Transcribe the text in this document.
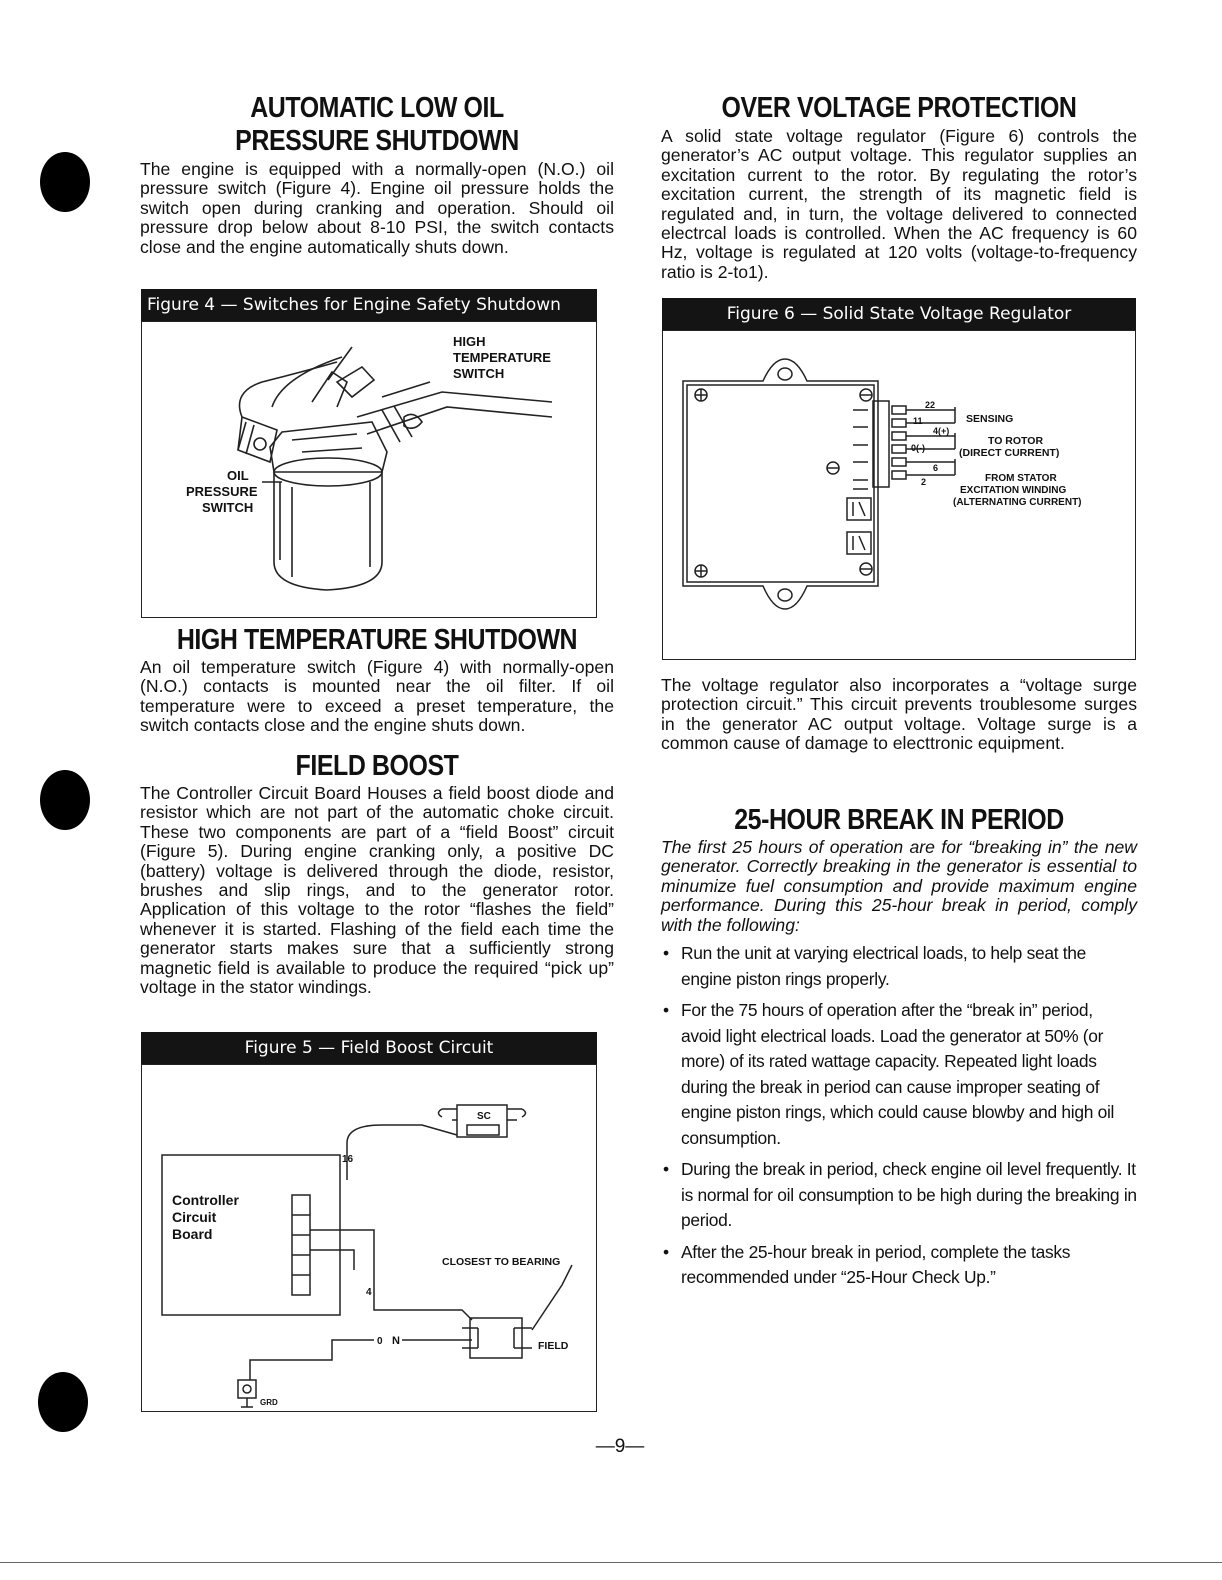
AUTOMATIC LOW OIL
PRESSURE SHUTDOWN

The engine is equipped with a normally-open (N.O.) oil pressure switch (Figure 4). Engine oil pressure holds the switch open during cranking and operation. Should oil pressure drop below about 8-10 PSI, the switch contacts close and the engine automatically shuts down.

Figure 4 — Switches for Engine Safety Shutdown
HIGH
TEMPERATURE
SWITCH
OIL
PRESSURE
SWITCH
HIGH TEMPERATURE SHUTDOWN

An oil temperature switch (Figure 4) with normally-open (N.O.) contacts is mounted near the oil filter. If oil temperature were to exceed a preset temperature, the switch contacts close and the engine shuts down.

FIELD BOOST

The Controller Circuit Board Houses a field boost diode and resistor which are not part of the automatic choke circuit. These two components are part of a “field Boost” circuit (Figure 5). During engine cranking only, a positive DC (battery) voltage is delivered through the diode, resistor, brushes and slip rings, and to the generator rotor. Application of this voltage to the rotor “flashes the field” whenever it is started. Flashing of the field each time the generator starts makes sure that a sufficiently strong magnetic field is available to produce the required “pick up” voltage in the stator windings.

Figure 5 — Field Boost Circuit
Controller
Circuit
Board
SC
16
4
0 N
CLOSEST TO BEARING
FIELD
GRD
OVER VOLTAGE PROTECTION

A solid state voltage regulator (Figure 6) controls the generator’s AC output voltage. This regulator supplies an excitation current to the rotor. By regulating the rotor’s excitation current, the strength of its magnetic field is regulated and, in turn, the voltage delivered to connected electrcal loads is controlled. When the AC frequency is 60 Hz, voltage is regulated at 120 volts (voltage-to-frequency ratio is 2-to1).

Figure 6 — Solid State Voltage Regulator
22
11	SENSING
4(+)
0(-)
TO ROTOR
(DIRECT CURRENT)
6
2	FROM STATOR
EXCITATION WINDING
(ALTERNATING CURRENT)

The voltage regulator also incorporates a “voltage surge protection circuit.” This circuit prevents troublesome surges in the generator AC output voltage. Voltage surge is a common cause of damage to electtronic equipment.

25-HOUR BREAK IN PERIOD

The first 25 hours of operation are for “breaking in” the new generator. Correctly breaking in the generator is essential to minumize fuel consumption and provide maximum engine performance. During this 25-hour break in period, comply with the following:

• Run the unit at varying electrical loads, to help seat the engine piston rings properly.
• For the 75 hours of operation after the “break in” period, avoid light electrical loads. Load the generator at 50% (or more) of its rated wattage capacity. Repeated light loads during the break in period can cause improper seating of engine piston rings, which could cause blowby and high oil consumption.
• During the break in period, check engine oil level frequently. It is normal for oil consumption to be high during the breaking in period.
• After the 25-hour break in period, complete the tasks recommended under “25-Hour Check Up.”
—9—
